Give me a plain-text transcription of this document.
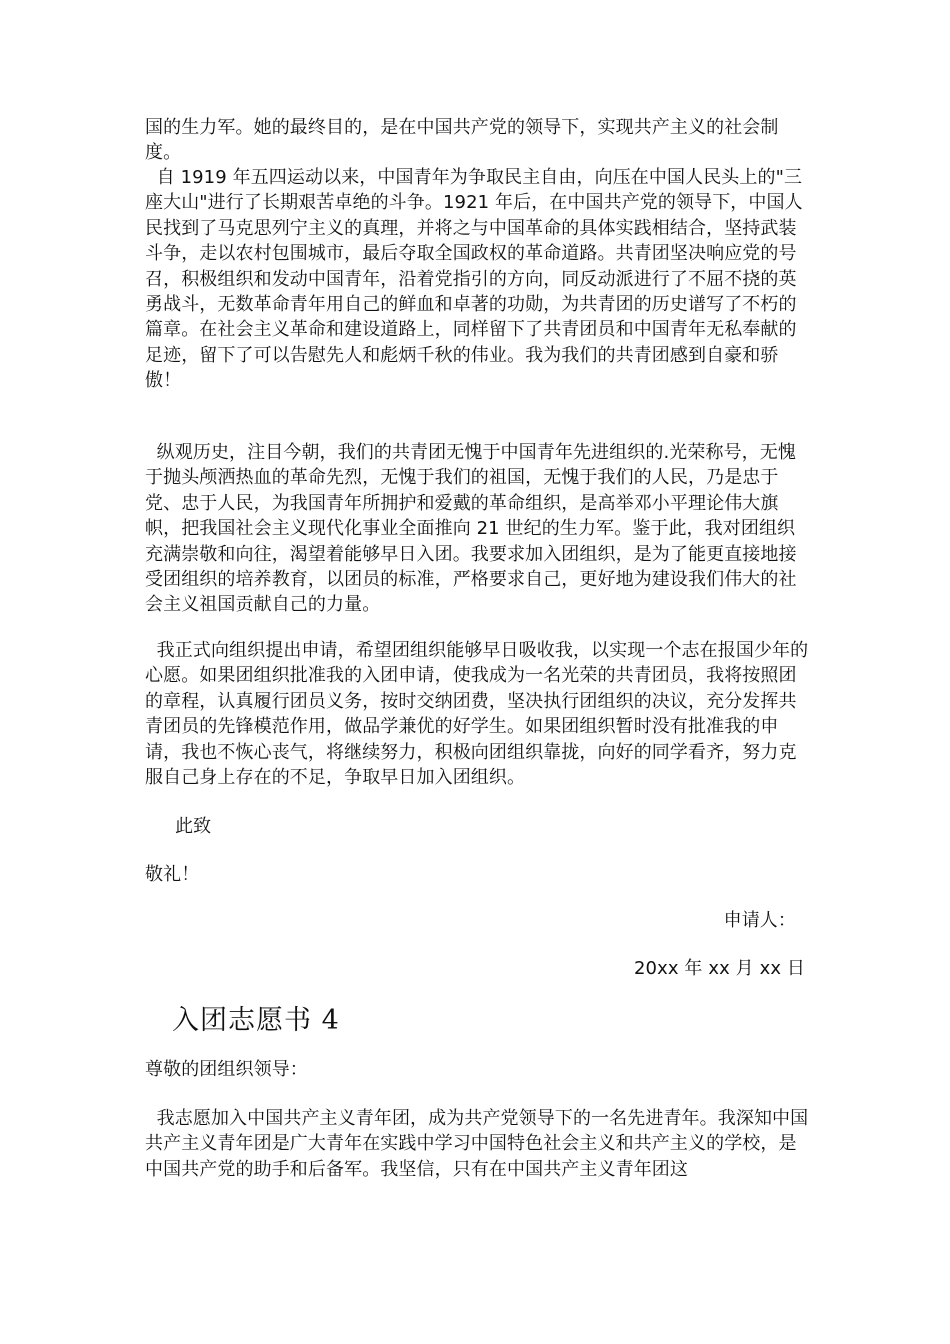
国的生力军。她的最终目的，是在中国共产党的领导下，实现共产主义的社会制度。
自 1919 年五四运动以来，中国青年为争取民主自由，向压在中国人民头上的"三座大山"进行了长期艰苦卓绝的斗争。1921 年后，在中国共产党的领导下，中国人民找到了马克思列宁主义的真理，并将之与中国革命的具体实践相结合，坚持武装斗争，走以农村包围城市，最后夺取全国政权的革命道路。共青团坚决响应党的号召，积极组织和发动中国青年，沿着党指引的方向，同反动派进行了不屈不挠的英勇战斗，无数革命青年用自己的鲜血和卓著的功勋，为共青团的历史谱写了不朽的篇章。在社会主义革命和建设道路上，同样留下了共青团员和中国青年无私奉献的足迹，留下了可以告慰先人和彪炳千秋的伟业。我为我们的共青团感到自豪和骄傲！
纵观历史，注目今朝，我们的共青团无愧于中国青年先进组织的.光荣称号，无愧于抛头颅洒热血的革命先烈，无愧于我们的祖国，无愧于我们的人民，乃是忠于党、忠于人民，为我国青年所拥护和爱戴的革命组织，是高举邓小平理论伟大旗帜，把我国社会主义现代化事业全面推向 21 世纪的生力军。鉴于此，我对团组织充满崇敬和向往，渴望着能够早日入团。我要求加入团组织，是为了能更直接地接受团组织的培养教育，以团员的标准，严格要求自己，更好地为建设我们伟大的社会主义祖国贡献自己的力量。
我正式向组织提出申请，希望团组织能够早日吸收我，以实现一个志在报国少年的心愿。如果团组织批准我的入团申请，使我成为一名光荣的共青团员，我将按照团的章程，认真履行团员义务，按时交纳团费，坚决执行团组织的决议，充分发挥共青团员的先锋模范作用，做品学兼优的好学生。如果团组织暂时没有批准我的申请，我也不恢心丧气，将继续努力，积极向团组织靠拢，向好的同学看齐，努力克服自己身上存在的不足，争取早日加入团组织。
此致
敬礼！
申请人：
20xx 年 xx 月 xx 日
入团志愿书 4
尊敬的团组织领导：
我志愿加入中国共产主义青年团，成为共产党领导下的一名先进青年。我深知中国共产主义青年团是广大青年在实践中学习中国特色社会主义和共产主义的学校，是中国共产党的助手和后备军。我坚信，只有在中国共产主义青年团这
